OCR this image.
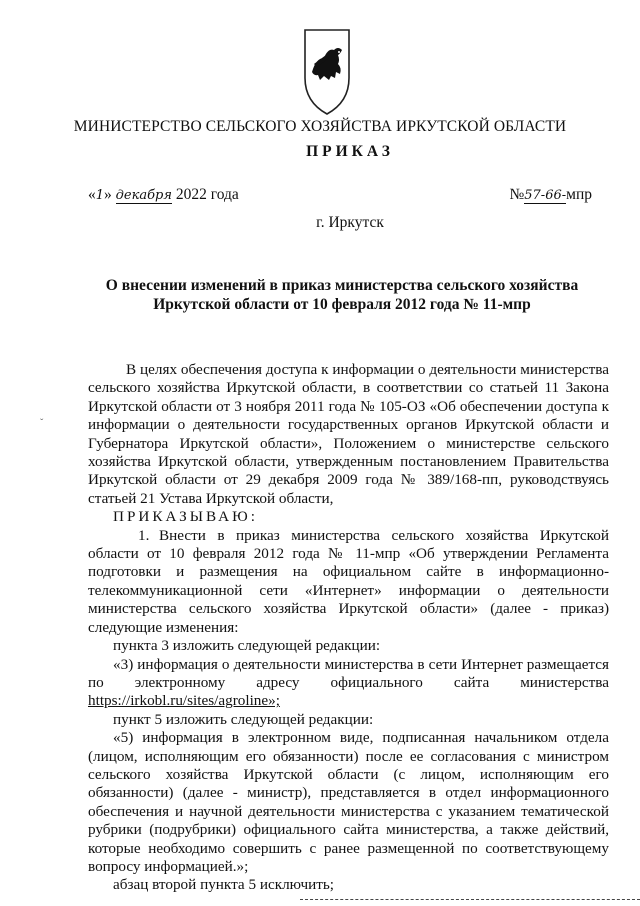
МИНИСТЕРСТВО СЕЛЬСКОГО ХОЗЯЙСТВА ИРКУТСКОЙ ОБЛАСТИ
ПРИКАЗ
«1» декабря 2022 года	№57-66-мпр
г. Иркутск
О внесении изменений в приказ министерства сельского хозяйства
Иркутской области от 10 февраля 2012 года № 11-мпр
ˇ

В целях обеспечения доступа к информации о деятельности министерства сельского хозяйства Иркутской области, в соответствии со статьей 11 Закона Иркутской области от 3 ноября 2011 года № 105-ОЗ «Об обеспечении доступа к информации о деятельности государственных органов Иркутской области и Губернатора Иркутской области», Положением о министерстве сельского хозяйства Иркутской области, утвержденным постановлением Правительства Иркутской области от 29 декабря 2009 года № 389/168-пп, руководствуясь статьей 21 Устава Иркутской области,

ПРИКАЗЫВАЮ:

1. Внести в приказ министерства сельского хозяйства Иркутской области от 10 февраля 2012 года № 11-мпр «Об утверждении Регламента подготовки и размещения на официальном сайте в информационно-телекоммуникационной сети «Интернет» информации о деятельности министерства сельского хозяйства Иркутской области» (далее - приказ) следующие изменения:

пункта 3 изложить следующей редакции:

«3) информация о деятельности министерства в сети Интернет размещается по электронному адресу официального сайта министерства https://irkobl.ru/sites/agroline»;

пункт 5 изложить следующей редакции:

«5) информация в электронном виде, подписанная начальником отдела (лицом, исполняющим его обязанности) после ее согласования с министром сельского хозяйства Иркутской области (с лицом, исполняющим его обязанности) (далее - министр), представляется в отдел информационного обеспечения и научной деятельности министерства с указанием тематической рубрики (подрубрики) официального сайта министерства, а также действий, которые необходимо совершить с ранее размещенной по соответствующему вопросу информацией.»;

абзац второй пункта 5 исключить;
